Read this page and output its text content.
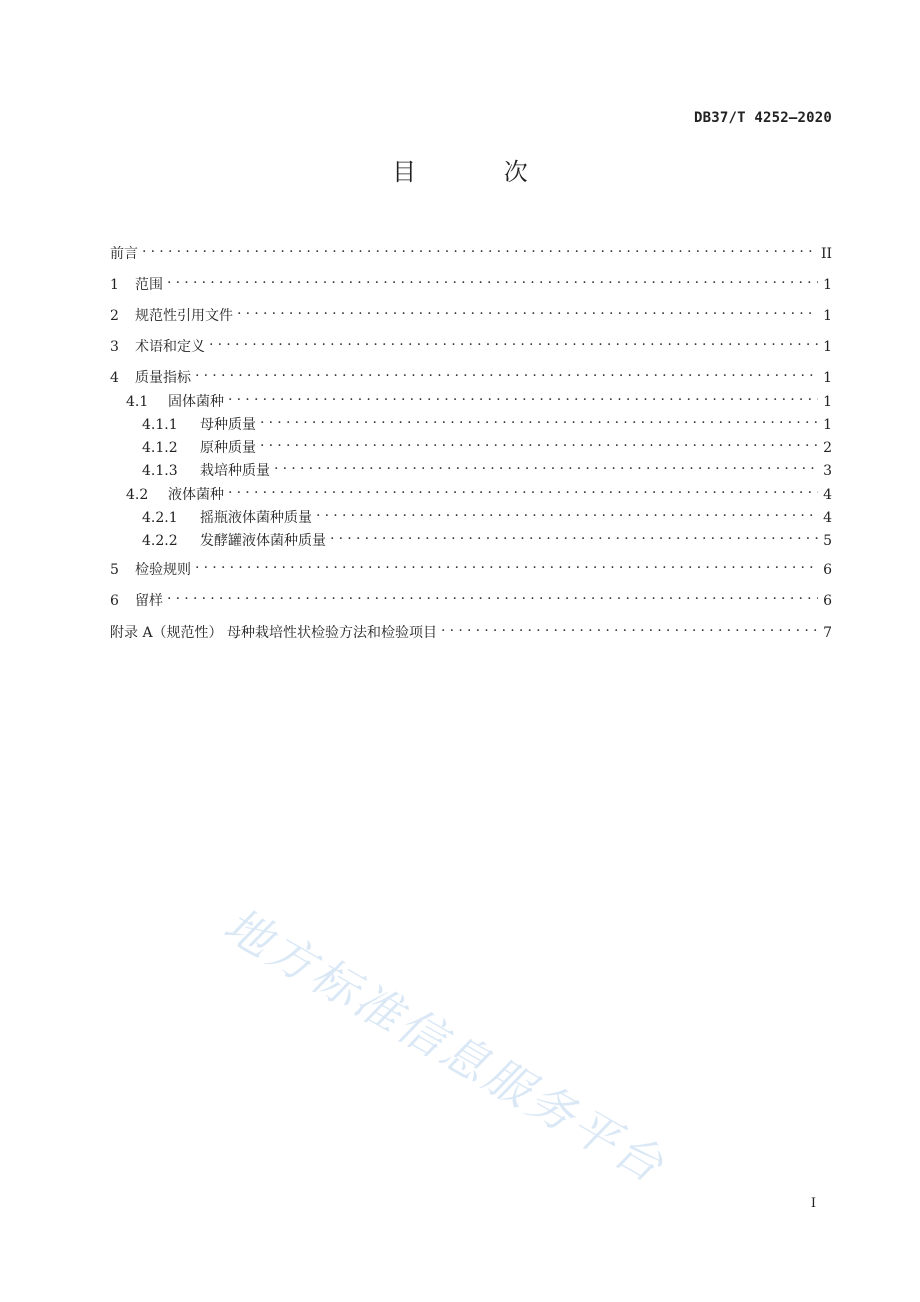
DB37/T 4252—2020
目 次
前言 .....	II
1	范围 .....	1
2	规范性引用文件 .....	1
3	术语和定义 .....	1
4	质量指标 .....	1
4.1	固体菌种 .....	1
4.1.1	母种质量 .....	1
4.1.2	原种质量 .....	2
4.1.3	栽培种质量 .....	3
4.2	液体菌种 .....	4
4.2.1	摇瓶液体菌种质量 .....	4
4.2.2	发酵罐液体菌种质量 .....	5
5	检验规则 .....	6
6	留样 .....	6
附录 A（规范性） 母种栽培性状检验方法和检验项目 .....	7
地方标准信息服务平台
I
